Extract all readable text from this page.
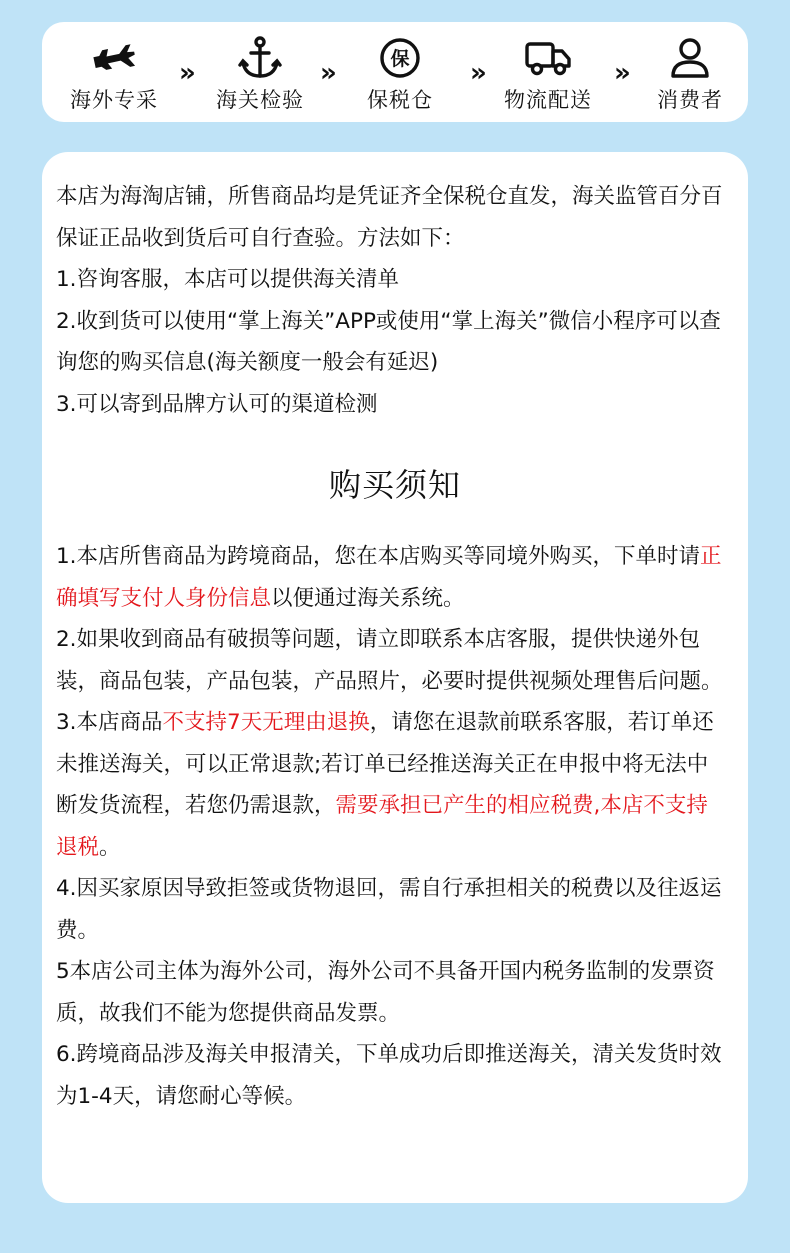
海外专采
»
海关检验
»	保
保税仓
»
物流配送
»
消费者

本店为海淘店铺，所售商品均是凭证齐全保税仓直发，海关监管百分百保证正品收到货后可自行查验。方法如下：

1.咨询客服，本店可以提供海关清单

2.收到货可以使用“掌上海关”APP或使用“掌上海关”微信小程序可以查询您的购买信息(海关额度一般会有延迟)

3.可以寄到品牌方认可的渠道检测

购买须知

1.本店所售商品为跨境商品，您在本店购买等同境外购买，下单时请正确填写支付人身份信息以便通过海关系统。

2.如果收到商品有破损等问题，请立即联系本店客服，提供快递外包装，商品包装，产品包装，产品照片，必要时提供视频处理售后问题。

3.本店商品不支持7天无理由退换，请您在退款前联系客服，若订单还未推送海关，可以正常退款;若订单已经推送海关正在申报中将无法中断发货流程，若您仍需退款，需要承担已产生的相应税费,本店不支持退税。

4.因买家原因导致拒签或货物退回，需自行承担相关的税费以及往返运费。

5本店公司主体为海外公司，海外公司不具备开国内税务监制的发票资质，故我们不能为您提供商品发票。

6.跨境商品涉及海关申报清关，下单成功后即推送海关，清关发货时效为1-4天，请您耐心等候。
